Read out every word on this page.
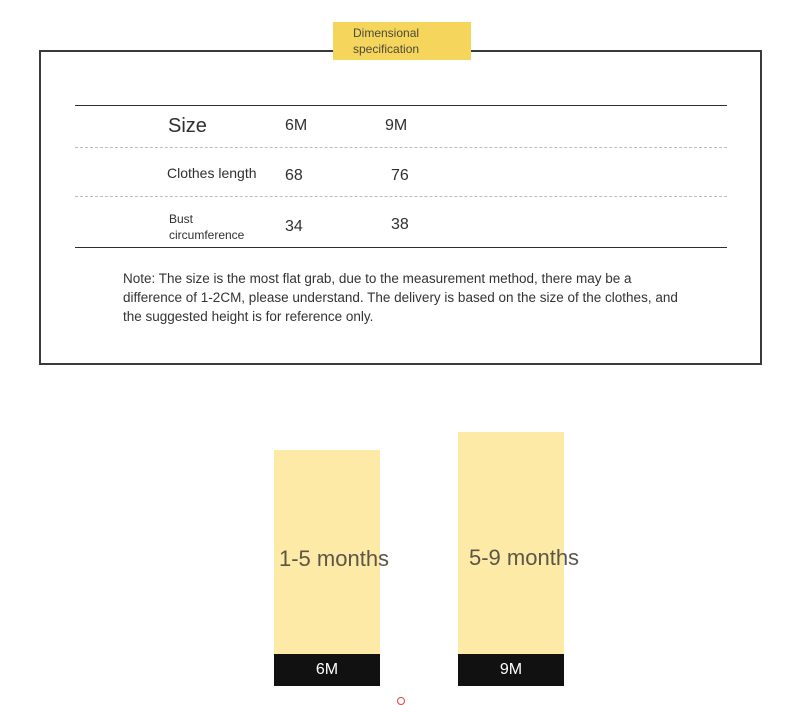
Dimensional
specification
Size	6M	9M
Clothes length 68	76
Bust
circumference	34	38
Note: The size is the most flat grab, due to the measurement method, there may be a difference of 1-2CM, please understand. The delivery is based on the size of the clothes, and the suggested height is for reference only.
1-5 months
6M
5-9 months
9M
